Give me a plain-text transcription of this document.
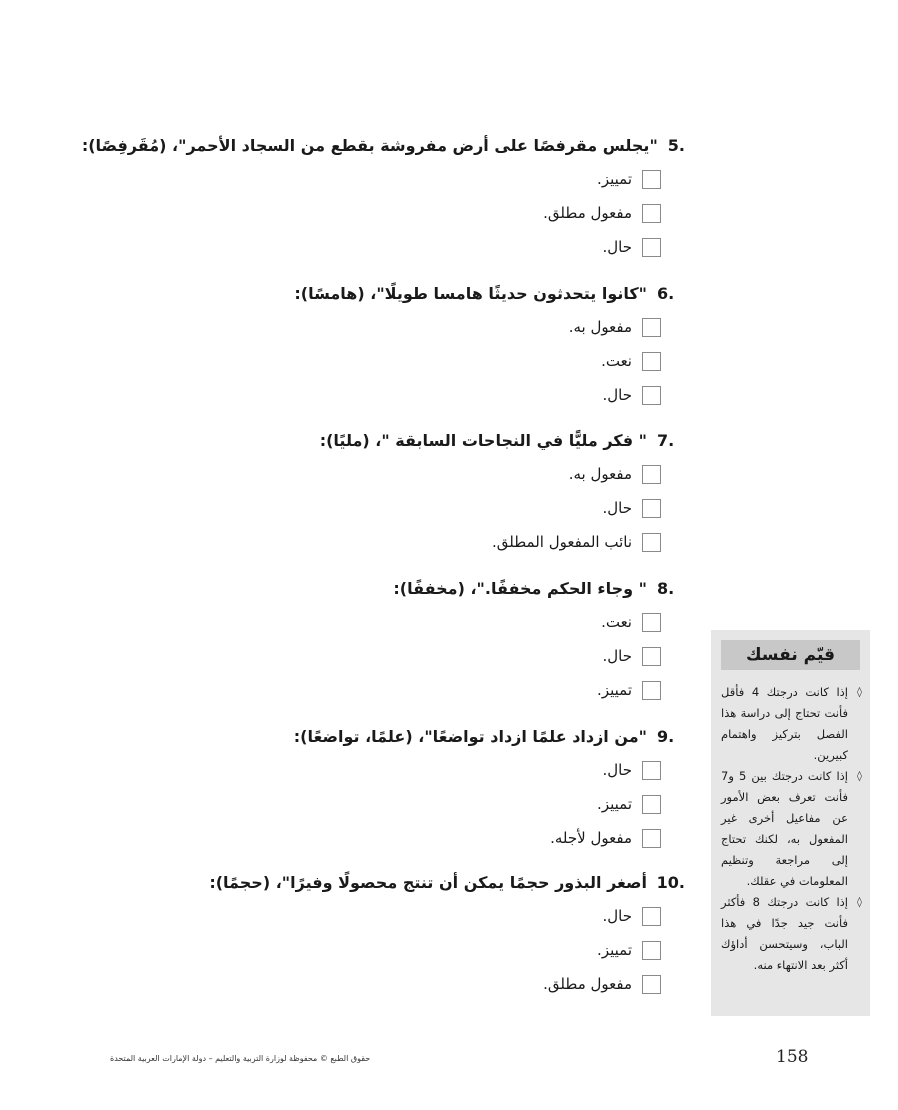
.5
"يجلس مقرفصًا على أرض مفروشة بقطع من السجاد الأحمر"، (مُقَرفِصًا):
تمييز.
مفعول مطلق.
حال.
.6
"كانوا يتحدثون حديثًا هامسا طويلًا"، (هامسًا):
مفعول به.
نعت.
حال.
.7
" فكر مليًّا في النجاحات السابقة "، (مليًا):
مفعول به.
حال.
نائب المفعول المطلق.
.8
" وجاء الحكم مخففًا."، (مخففًا):
نعت.
حال.
تمييز.
.9
"من ازداد علمًا ازداد تواضعًا"، (علمًا، تواضعًا):
حال.
تمييز.
مفعول لأجله.
.10
أصغر البذور حجمًا يمكن أن تنتج محصولًا وفيرًا"، (حجمًا):
حال.
تمييز.
مفعول مطلق.
قيّم نفسك
◊
إذا كانت درجتك 4 فأقل فأنت تحتاج إلى دراسة هذا الفصل بتركيز واهتمام كبيرين.
◊
إذا كانت درجتك بين 5 و7 فأنت تعرف بعض الأمور عن مفاعيل أخرى غير المفعول به، لكنك تحتاج إلى مراجعة وتنظيم المعلومات في عقلك.
◊
إذا كانت درجتك 8 فأكثر فأنت جيد جدًا في هذا الباب، وسيتحسن أداؤك أكثر بعد الانتهاء منه.
حقوق الطبع © محفوظة لوزارة التربية والتعليم – دولة الإمارات العربية المتحدة	158
